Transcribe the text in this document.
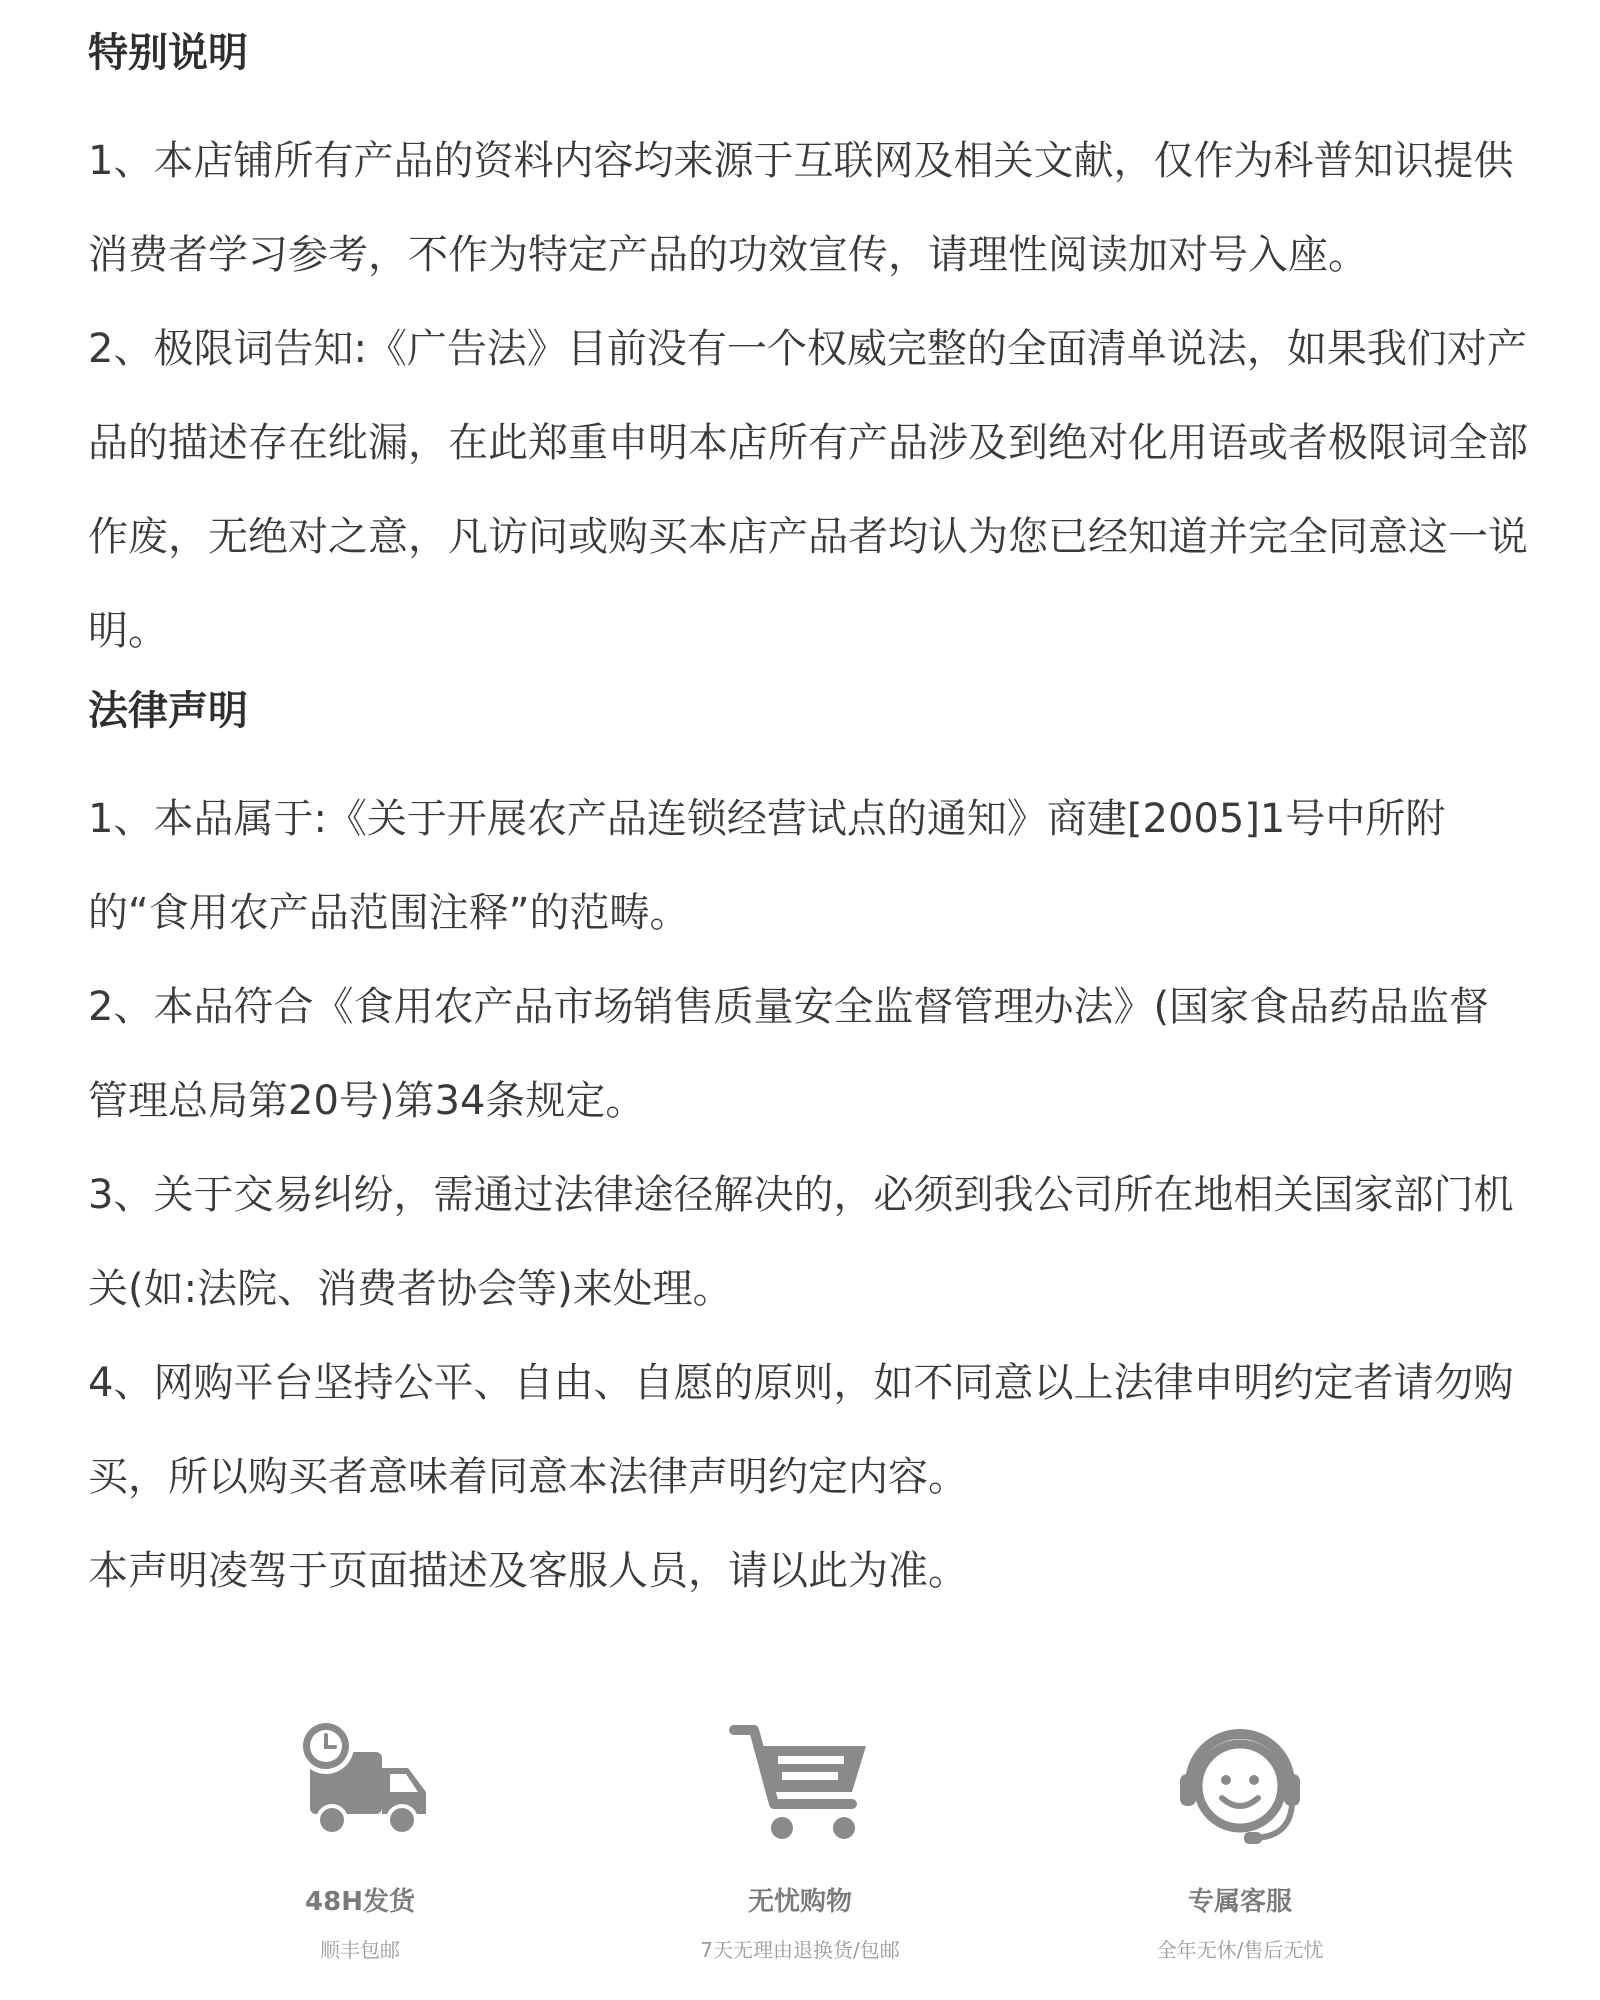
特别说明

1、本店铺所有产品的资料内容均来源于互联网及相关文献，仅作为科普知识提供消费者学习参考，不作为特定产品的功效宣传，请理性阅读加对号入座。

2、极限词告知:《广告法》目前没有一个权威完整的全面清单说法，如果我们对产品的描述存在纰漏，在此郑重申明本店所有产品涉及到绝对化用语或者极限词全部作废，无绝对之意，凡访问或购买本店产品者均认为您已经知道并完全同意这一说明。

法律声明

1、本品属于:《关于开展农产品连锁经营试点的通知》商建[2005]1号中所附的“食用农产品范围注释”的范畴。

2、本品符合《食用农产品市场销售质量安全监督管理办法》(国家食品药品监督管理总局第20号)第34条规定。

3、关于交易纠纷，需通过法律途径解决的，必须到我公司所在地相关国家部门机关(如:法院、消费者协会等)来处理。

4、网购平台坚持公平、自由、自愿的原则，如不同意以上法律申明约定者请勿购买，所以购买者意味着同意本法律声明约定内容。

本声明凌驾于页面描述及客服人员，请以此为准。

48H发货
顺丰包邮
无忧购物
7天无理由退换货/包邮
专属客服
全年无休/售后无忧
